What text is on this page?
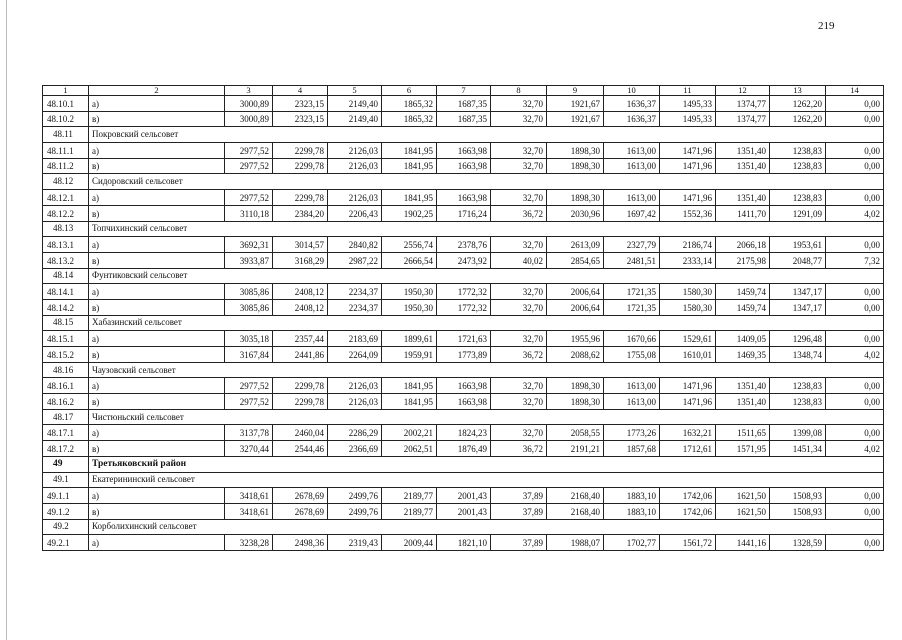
219
1	2	3	4	5	6	7	8	9	10	11	12	13	14
48.10.1	а)	3000,89	2323,15	2149,40	1865,32	1687,35	32,70	1921,67	1636,37	1495,33	1374,77	1262,20	0,00
48.10.2	в)	3000,89	2323,15	2149,40	1865,32	1687,35	32,70	1921,67	1636,37	1495,33	1374,77	1262,20	0,00
48.11	Покровский сельсовет												
48.11.1	а)	2977,52	2299,78	2126,03	1841,95	1663,98	32,70	1898,30	1613,00	1471,96	1351,40	1238,83	0,00
48.11.2	в)	2977,52	2299,78	2126,03	1841,95	1663,98	32,70	1898,30	1613,00	1471,96	1351,40	1238,83	0,00
48.12	Сидоровский сельсовет												
48.12.1	а)	2977,52	2299,78	2126,03	1841,95	1663,98	32,70	1898,30	1613,00	1471,96	1351,40	1238,83	0,00
48.12.2	в)	3110,18	2384,20	2206,43	1902,25	1716,24	36,72	2030,96	1697,42	1552,36	1411,70	1291,09	4,02
48.13	Топчихинский сельсовет												
48.13.1	а)	3692,31	3014,57	2840,82	2556,74	2378,76	32,70	2613,09	2327,79	2186,74	2066,18	1953,61	0,00
48.13.2	в)	3933,87	3168,29	2987,22	2666,54	2473,92	40,02	2854,65	2481,51	2333,14	2175,98	2048,77	7,32
48.14	Фунтиковский сельсовет												
48.14.1	а)	3085,86	2408,12	2234,37	1950,30	1772,32	32,70	2006,64	1721,35	1580,30	1459,74	1347,17	0,00
48.14.2	в)	3085,86	2408,12	2234,37	1950,30	1772,32	32,70	2006,64	1721,35	1580,30	1459,74	1347,17	0,00
48.15	Хабазинский сельсовет												
48.15.1	а)	3035,18	2357,44	2183,69	1899,61	1721,63	32,70	1955,96	1670,66	1529,61	1409,05	1296,48	0,00
48.15.2	в)	3167,84	2441,86	2264,09	1959,91	1773,89	36,72	2088,62	1755,08	1610,01	1469,35	1348,74	4,02
48.16	Чаузовский сельсовет												
48.16.1	а)	2977,52	2299,78	2126,03	1841,95	1663,98	32,70	1898,30	1613,00	1471,96	1351,40	1238,83	0,00
48.16.2	в)	2977,52	2299,78	2126,03	1841,95	1663,98	32,70	1898,30	1613,00	1471,96	1351,40	1238,83	0,00
48.17	Чистюньский сельсовет												
48.17.1	а)	3137,78	2460,04	2286,29	2002,21	1824,23	32,70	2058,55	1773,26	1632,21	1511,65	1399,08	0,00
48.17.2	в)	3270,44	2544,46	2366,69	2062,51	1876,49	36,72	2191,21	1857,68	1712,61	1571,95	1451,34	4,02
49	Третьяковский район												
49.1	Екатерининский сельсовет												
49.1.1	а)	3418,61	2678,69	2499,76	2189,77	2001,43	37,89	2168,40	1883,10	1742,06	1621,50	1508,93	0,00
49.1.2	в)	3418,61	2678,69	2499,76	2189,77	2001,43	37,89	2168,40	1883,10	1742,06	1621,50	1508,93	0,00
49.2	Корболихинский сельсовет												
49.2.1	а)	3238,28	2498,36	2319,43	2009,44	1821,10	37,89	1988,07	1702,77	1561,72	1441,16	1328,59	0,00
